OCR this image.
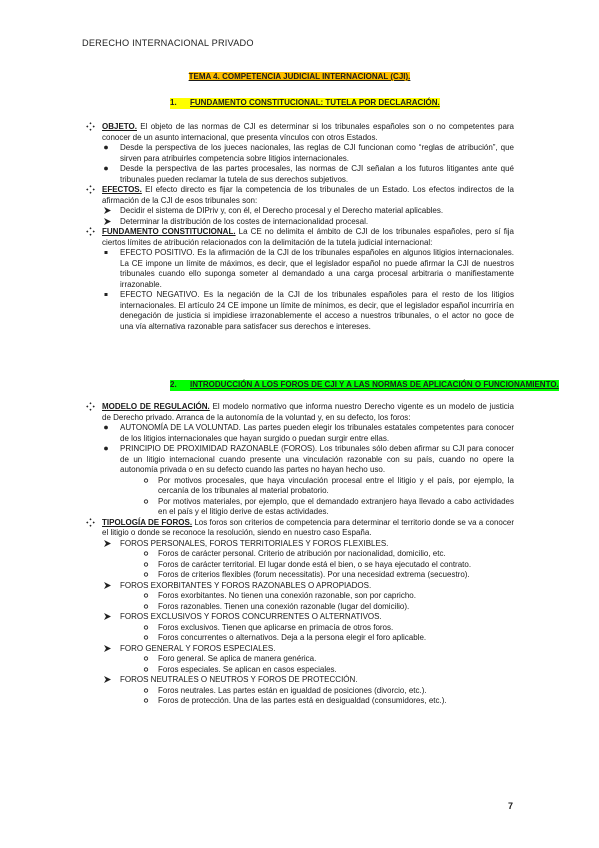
DERECHO INTERNACIONAL PRIVADO
TEMA 4. COMPETENCIA JUDICIAL INTERNACIONAL (CJI).
1. FUNDAMENTO CONSTITUCIONAL: TUTELA POR DECLARACIÓN.
OBJETO. El objeto de las normas de CJI es determinar si los tribunales españoles son o no competentes para conocer de un asunto internacional, que presenta vínculos con otros Estados.
Desde la perspectiva de los jueces nacionales, las reglas de CJI funcionan como “reglas de atribución”, que sirven para atribuirles competencia sobre litigios internacionales.
Desde la perspectiva de las partes procesales, las normas de CJI señalan a los futuros litigantes ante qué tribunales pueden reclamar la tutela de sus derechos subjetivos.
EFECTOS. El efecto directo es fijar la competencia de los tribunales de un Estado. Los efectos indirectos de la afirmación de la CJI de esos tribunales son:
Decidir el sistema de DIPriv y, con él, el Derecho procesal y el Derecho material aplicables.
Determinar la distribución de los costes de internacionalidad procesal.
FUNDAMENTO CONSTITUCIONAL. La CE no delimita el ámbito de CJI de los tribunales españoles, pero sí fija ciertos límites de atribución relacionados con la delimitación de la tutela judicial internacional:
EFECTO POSITIVO. Es la afirmación de la CJI de los tribunales españoles en algunos litigios internacionales. La CE impone un límite de máximos, es decir, que el legislador español no puede afirmar la CJI de nuestros tribunales cuando ello suponga someter al demandado a una carga procesal arbitraria o manifiestamente irrazonable.
EFECTO NEGATIVO. Es la negación de la CJI de los tribunales españoles para el resto de los litigios internacionales. El artículo 24 CE impone un límite de mínimos, es decir, que el legislador español incurriría en denegación de justicia si impidiese irrazonablemente el acceso a nuestros tribunales, o el actor no goce de una vía alternativa razonable para satisfacer sus derechos e intereses.
2. INTRODUCCIÓN A LOS FOROS DE CJI Y A LAS NORMAS DE APLICACIÓN O FUNCIONAMIENTO.
MODELO DE REGULACIÓN. El modelo normativo que informa nuestro Derecho vigente es un modelo de justicia de Derecho privado. Arranca de la autonomía de la voluntad y, en su defecto, los foros:
AUTONOMÍA DE LA VOLUNTAD. Las partes pueden elegir los tribunales estatales competentes para conocer de los litigios internacionales que hayan surgido o puedan surgir entre ellas.
PRINCIPIO DE PROXIMIDAD RAZONABLE (FOROS). Los tribunales sólo deben afirmar su CJI para conocer de un litigio internacional cuando presente una vinculación razonable con su país, cuando no opere la autonomía privada o en su defecto cuando las partes no hayan hecho uso.
Por motivos procesales, que haya vinculación procesal entre el litigio y el país, por ejemplo, la cercanía de los tribunales al material probatorio.
Por motivos materiales, por ejemplo, que el demandado extranjero haya llevado a cabo actividades en el país y el litigio derive de estas actividades.
TIPOLOGÍA DE FOROS. Los foros son criterios de competencia para determinar el territorio donde se va a conocer el litigio o donde se reconoce la resolución, siendo en nuestro caso España.
FOROS PERSONALES, FOROS TERRITORIALES Y FOROS FLEXIBLES.
Foros de carácter personal. Criterio de atribución por nacionalidad, domicilio, etc.
Foros de carácter territorial. El lugar donde está el bien, o se haya ejecutado el contrato.
Foros de criterios flexibles (forum necessitatis). Por una necesidad extrema (secuestro).
FOROS EXORBITANTES Y FOROS RAZONABLES O APROPIADOS.
Foros exorbitantes. No tienen una conexión razonable, son por capricho.
Foros razonables. Tienen una conexión razonable (lugar del domicilio).
FOROS EXCLUSIVOS Y FOROS CONCURRENTES O ALTERNATIVOS.
Foros exclusivos. Tienen que aplicarse en primacía de otros foros.
Foros concurrentes o alternativos. Deja a la persona elegir el foro aplicable.
FORO GENERAL Y FOROS ESPECIALES.
Foro general. Se aplica de manera genérica.
Foros especiales. Se aplican en casos especiales.
FOROS NEUTRALES O NEUTROS Y FOROS DE PROTECCIÓN.
Foros neutrales. Las partes están en igualdad de posiciones (divorcio, etc.).
Foros de protección. Una de las partes está en desigualdad (consumidores, etc.).
7
